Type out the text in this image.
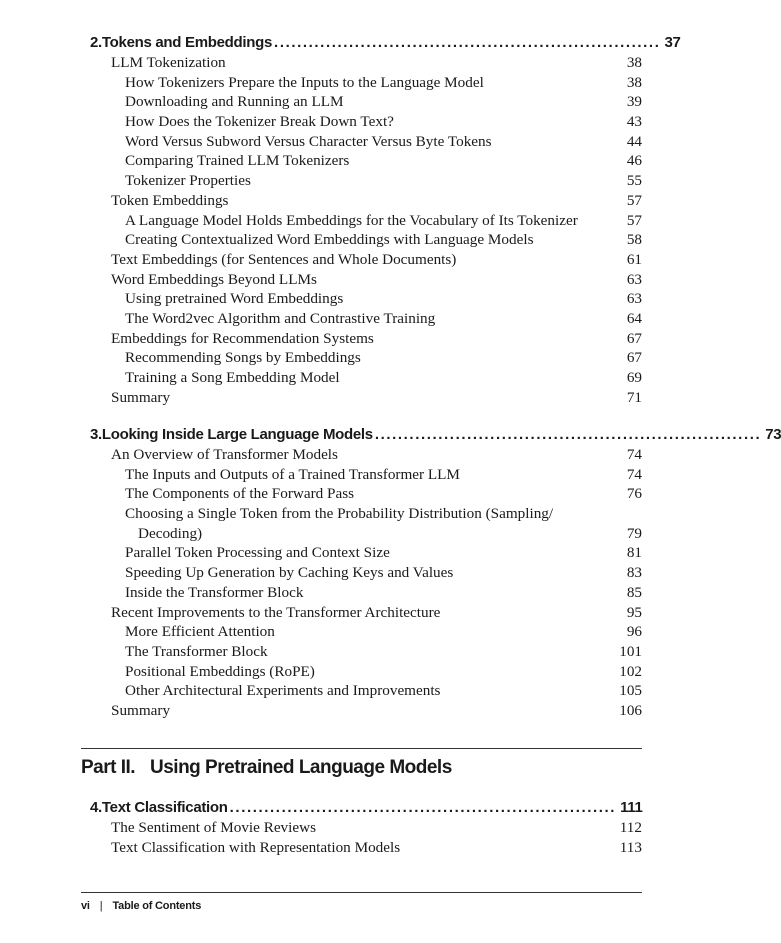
2. Tokens and Embeddings ................................................................... 37
LLM Tokenization	38
How Tokenizers Prepare the Inputs to the Language Model	38
Downloading and Running an LLM	39
How Does the Tokenizer Break Down Text?	43
Word Versus Subword Versus Character Versus Byte Tokens	44
Comparing Trained LLM Tokenizers	46
Tokenizer Properties	55
Token Embeddings	57
A Language Model Holds Embeddings for the Vocabulary of Its Tokenizer	57
Creating Contextualized Word Embeddings with Language Models	58
Text Embeddings (for Sentences and Whole Documents)	61
Word Embeddings Beyond LLMs	63
Using pretrained Word Embeddings	63
The Word2vec Algorithm and Contrastive Training	64
Embeddings for Recommendation Systems	67
Recommending Songs by Embeddings	67
Training a Song Embedding Model	69
Summary	71
3. Looking Inside Large Language Models ................................................................... 73
An Overview of Transformer Models	74
The Inputs and Outputs of a Trained Transformer LLM	74
The Components of the Forward Pass	76
Choosing a Single Token from the Probability Distribution (Sampling/
Decoding)	79
Parallel Token Processing and Context Size	81
Speeding Up Generation by Caching Keys and Values	83
Inside the Transformer Block	85
Recent Improvements to the Transformer Architecture	95
More Efficient Attention	96
The Transformer Block	101
Positional Embeddings (RoPE)	102
Other Architectural Experiments and Improvements	105
Summary	106
Part II. Using Pretrained Language Models
4. Text Classification ................................................................... 111
The Sentiment of Movie Reviews	112
Text Classification with Representation Models	113
vi | Table of Contents
